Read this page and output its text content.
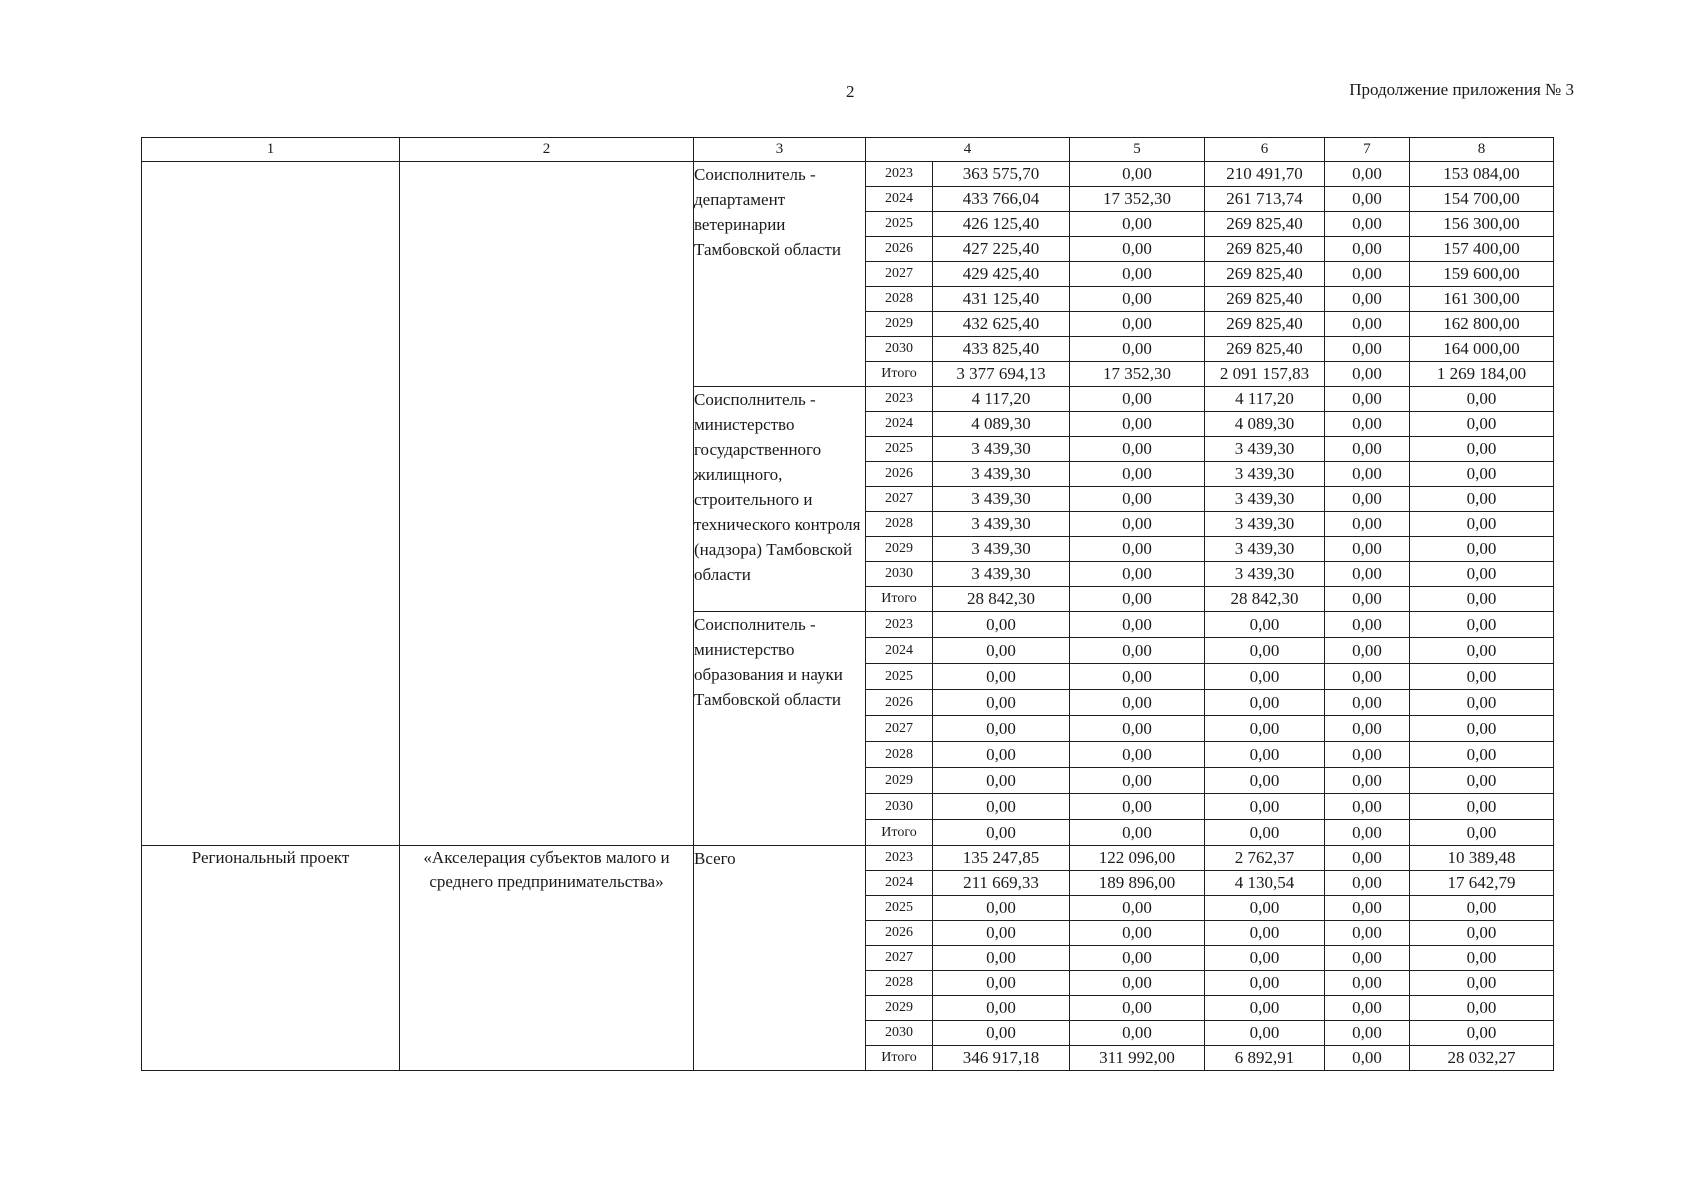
2	Продолжение приложения № 3
1	2	3	4		5	6	7	8
		Соисполнитель - департамент ветеринарии Тамбовской области	2023	363 575,70	0,00	210 491,70	0,00	153 084,00
			2024	433 766,04	17 352,30	261 713,74	0,00	154 700,00
			2025	426 125,40	0,00	269 825,40	0,00	156 300,00
			2026	427 225,40	0,00	269 825,40	0,00	157 400,00
			2027	429 425,40	0,00	269 825,40	0,00	159 600,00
			2028	431 125,40	0,00	269 825,40	0,00	161 300,00
			2029	432 625,40	0,00	269 825,40	0,00	162 800,00
			2030	433 825,40	0,00	269 825,40	0,00	164 000,00
			Итого	3 377 694,13	17 352,30	2 091 157,83	0,00	1 269 184,00
		Соисполнитель - министерство государственного жилищного, строительного и технического контроля (надзора) Тамбовской области	2023	4 117,20	0,00	4 117,20	0,00	0,00
			2024	4 089,30	0,00	4 089,30	0,00	0,00
			2025	3 439,30	0,00	3 439,30	0,00	0,00
			2026	3 439,30	0,00	3 439,30	0,00	0,00
			2027	3 439,30	0,00	3 439,30	0,00	0,00
			2028	3 439,30	0,00	3 439,30	0,00	0,00
			2029	3 439,30	0,00	3 439,30	0,00	0,00
			2030	3 439,30	0,00	3 439,30	0,00	0,00
			Итого	28 842,30	0,00	28 842,30	0,00	0,00
		Соисполнитель - министерство образования и науки Тамбовской области	2023	0,00	0,00	0,00	0,00	0,00
			2024	0,00	0,00	0,00	0,00	0,00
			2025	0,00	0,00	0,00	0,00	0,00
			2026	0,00	0,00	0,00	0,00	0,00
			2027	0,00	0,00	0,00	0,00	0,00
			2028	0,00	0,00	0,00	0,00	0,00
			2029	0,00	0,00	0,00	0,00	0,00
			2030	0,00	0,00	0,00	0,00	0,00
			Итого	0,00	0,00	0,00	0,00	0,00
Региональный проект	«Акселерация субъектов малого и среднего предпринимательства»	Всего	2023	135 247,85	122 096,00	2 762,37	0,00	10 389,48
			2024	211 669,33	189 896,00	4 130,54	0,00	17 642,79
			2025	0,00	0,00	0,00	0,00	0,00
			2026	0,00	0,00	0,00	0,00	0,00
			2027	0,00	0,00	0,00	0,00	0,00
			2028	0,00	0,00	0,00	0,00	0,00
			2029	0,00	0,00	0,00	0,00	0,00
			2030	0,00	0,00	0,00	0,00	0,00
			Итого	346 917,18	311 992,00	6 892,91	0,00	28 032,27
